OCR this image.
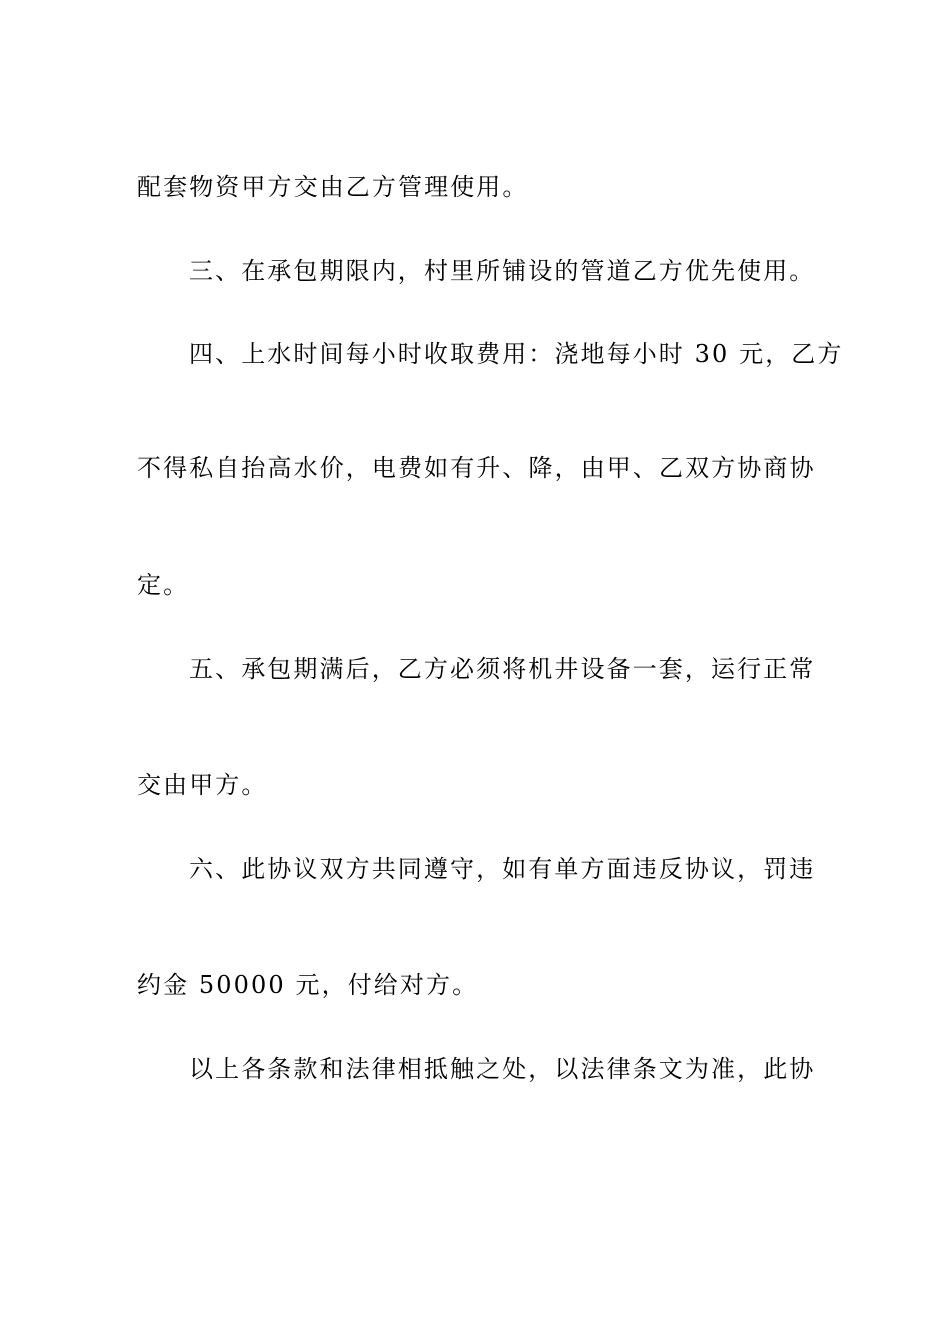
配套物资甲方交由乙方管理使用。
三、在承包期限内，村里所铺设的管道乙方优先使用。
四、上水时间每小时收取费用：浇地每小时 30 元，乙方
不得私自抬高水价，电费如有升、降，由甲、乙双方协商协
定。
五、承包期满后，乙方必须将机井设备一套，运行正常
交由甲方。
六、此协议双方共同遵守，如有单方面违反协议，罚违
约金 50000 元，付给对方。
以上各条款和法律相抵触之处，以法律条文为准，此协
